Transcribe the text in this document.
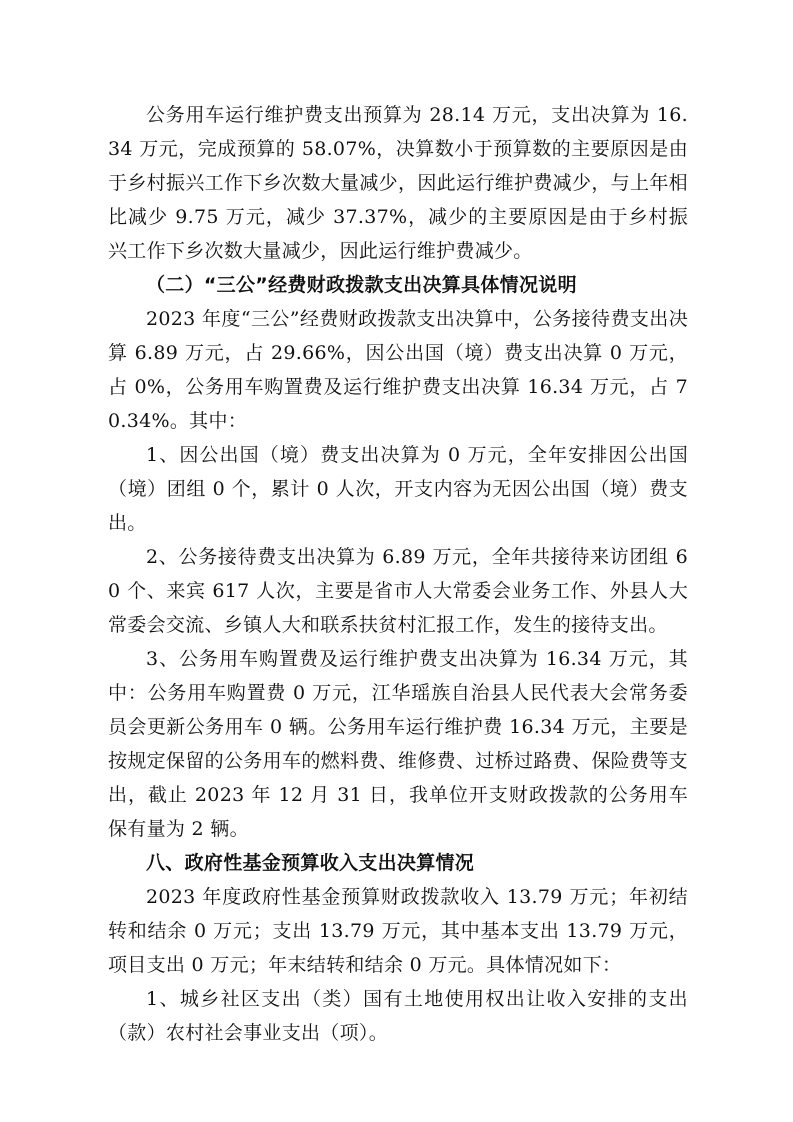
公务用车运行维护费支出预算为 28.14 万元，支出决算为 16.34 万元，完成预算的 58.07%，决算数小于预算数的主要原因是由于乡村振兴工作下乡次数大量减少，因此运行维护费减少，与上年相比减少 9.75 万元，减少 37.37%，减少的主要原因是由于乡村振兴工作下乡次数大量减少，因此运行维护费减少。

（二）“三公”经费财政拨款支出决算具体情况说明

2023 年度“三公”经费财政拨款支出决算中，公务接待费支出决算 6.89 万元，占 29.66%，因公出国（境）费支出决算 0 万元，占 0%，公务用车购置费及运行维护费支出决算 16.34 万元，占 70.34%。其中：

1、因公出国（境）费支出决算为 0 万元，全年安排因公出国（境）团组 0 个，累计 0 人次，开支内容为无因公出国（境）费支出。

2、公务接待费支出决算为 6.89 万元，全年共接待来访团组 60 个、来宾 617 人次，主要是省市人大常委会业务工作、外县人大常委会交流、乡镇人大和联系扶贫村汇报工作，发生的接待支出。

3、公务用车购置费及运行维护费支出决算为 16.34 万元，其中：公务用车购置费 0 万元，江华瑶族自治县人民代表大会常务委员会更新公务用车 0 辆。公务用车运行维护费 16.34 万元，主要是按规定保留的公务用车的燃料费、维修费、过桥过路费、保险费等支出，截止 2023 年 12 月 31 日，我单位开支财政拨款的公务用车保有量为 2 辆。

八、政府性基金预算收入支出决算情况

2023 年度政府性基金预算财政拨款收入 13.79 万元；年初结转和结余 0 万元；支出 13.79 万元，其中基本支出 13.79 万元，项目支出 0 万元；年末结转和结余 0 万元。具体情况如下：

1、城乡社区支出（类）国有土地使用权出让收入安排的支出（款）农村社会事业支出（项）。
